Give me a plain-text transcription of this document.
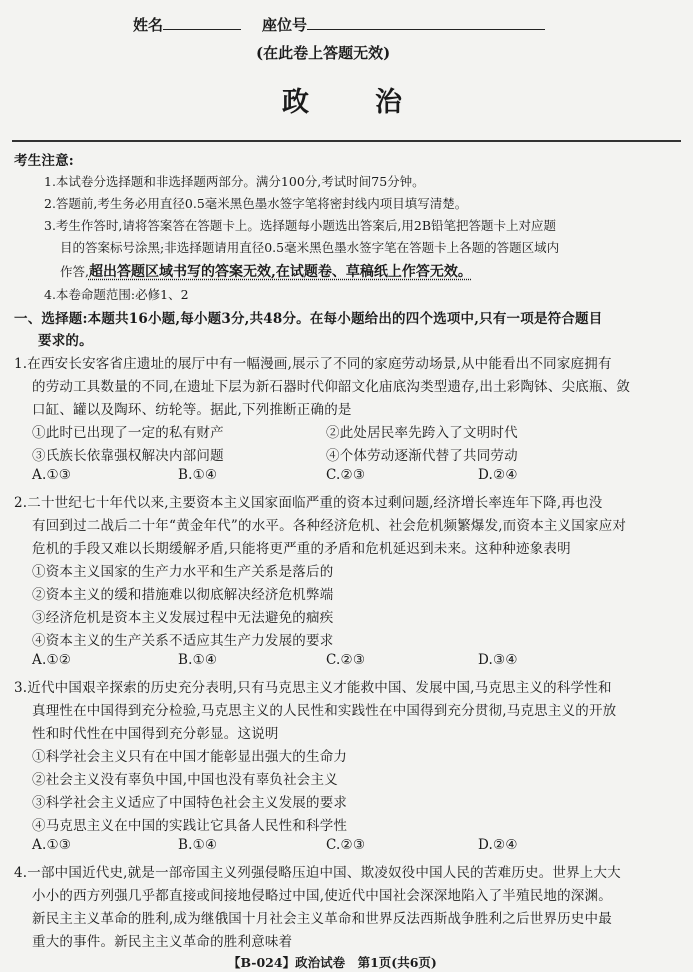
姓名	座位号
(在此卷上答题无效)
政　　治
考生注意:
1.本试卷分选择题和非选择题两部分。满分100分,考试时间75分钟。
2.答题前,考生务必用直径0.5毫米黑色墨水签字笔将密封线内项目填写清楚。
3.考生作答时,请将答案答在答题卡上。选择题每小题选出答案后,用2B铅笔把答题卡上对应题
目的答案标号涂黑;非选择题请用直径0.5毫米黑色墨水签字笔在答题卡上各题的答题区域内
作答,超出答题区域书写的答案无效,在试题卷、草稿纸上作答无效。
4.本卷命题范围:必修1、2
一、选择题:本题共16小题,每小题3分,共48分。在每小题给出的四个选项中,只有一项是符合题目
要求的。
1.在西安长安客省庄遗址的展厅中有一幅漫画,展示了不同的家庭劳动场景,从中能看出不同家庭拥有
的劳动工具数量的不同,在遗址下层为新石器时代仰韶文化庙底沟类型遗存,出土彩陶钵、尖底瓶、敛
口缸、罐以及陶环、纺轮等。据此,下列推断正确的是
①此时已出现了一定的私有财产	②此处居民率先跨入了文明时代
③氏族长依靠强权解决内部问题	④个体劳动逐渐代替了共同劳动
A.①③	B.①④	C.②③	D.②④
2.二十世纪七十年代以来,主要资本主义国家面临严重的资本过剩问题,经济增长率连年下降,再也没
有回到过二战后二十年“黄金年代”的水平。各种经济危机、社会危机频繁爆发,而资本主义国家应对
危机的手段又难以长期缓解矛盾,只能将更严重的矛盾和危机延迟到未来。这种种迹象表明
①资本主义国家的生产力水平和生产关系是落后的
②资本主义的缓和措施难以彻底解决经济危机弊端
③经济危机是资本主义发展过程中无法避免的痼疾
④资本主义的生产关系不适应其生产力发展的要求
A.①②	B.①④	C.②③	D.③④
3.近代中国艰辛探索的历史充分表明,只有马克思主义才能救中国、发展中国,马克思主义的科学性和
真理性在中国得到充分检验,马克思主义的人民性和实践性在中国得到充分贯彻,马克思主义的开放
性和时代性在中国得到充分彰显。这说明
①科学社会主义只有在中国才能彰显出强大的生命力
②社会主义没有辜负中国,中国也没有辜负社会主义
③科学社会主义适应了中国特色社会主义发展的要求
④马克思主义在中国的实践让它具备人民性和科学性
A.①③	B.①④	C.②③	D.②④
4.一部中国近代史,就是一部帝国主义列强侵略压迫中国、欺凌奴役中国人民的苦难历史。世界上大大
小小的西方列强几乎都直接或间接地侵略过中国,使近代中国社会深深地陷入了半殖民地的深渊。
新民主主义革命的胜利,成为继俄国十月社会主义革命和世界反法西斯战争胜利之后世界历史中最
重大的事件。新民主主义革命的胜利意味着
【B-024】政治试卷　第1页(共6页)
